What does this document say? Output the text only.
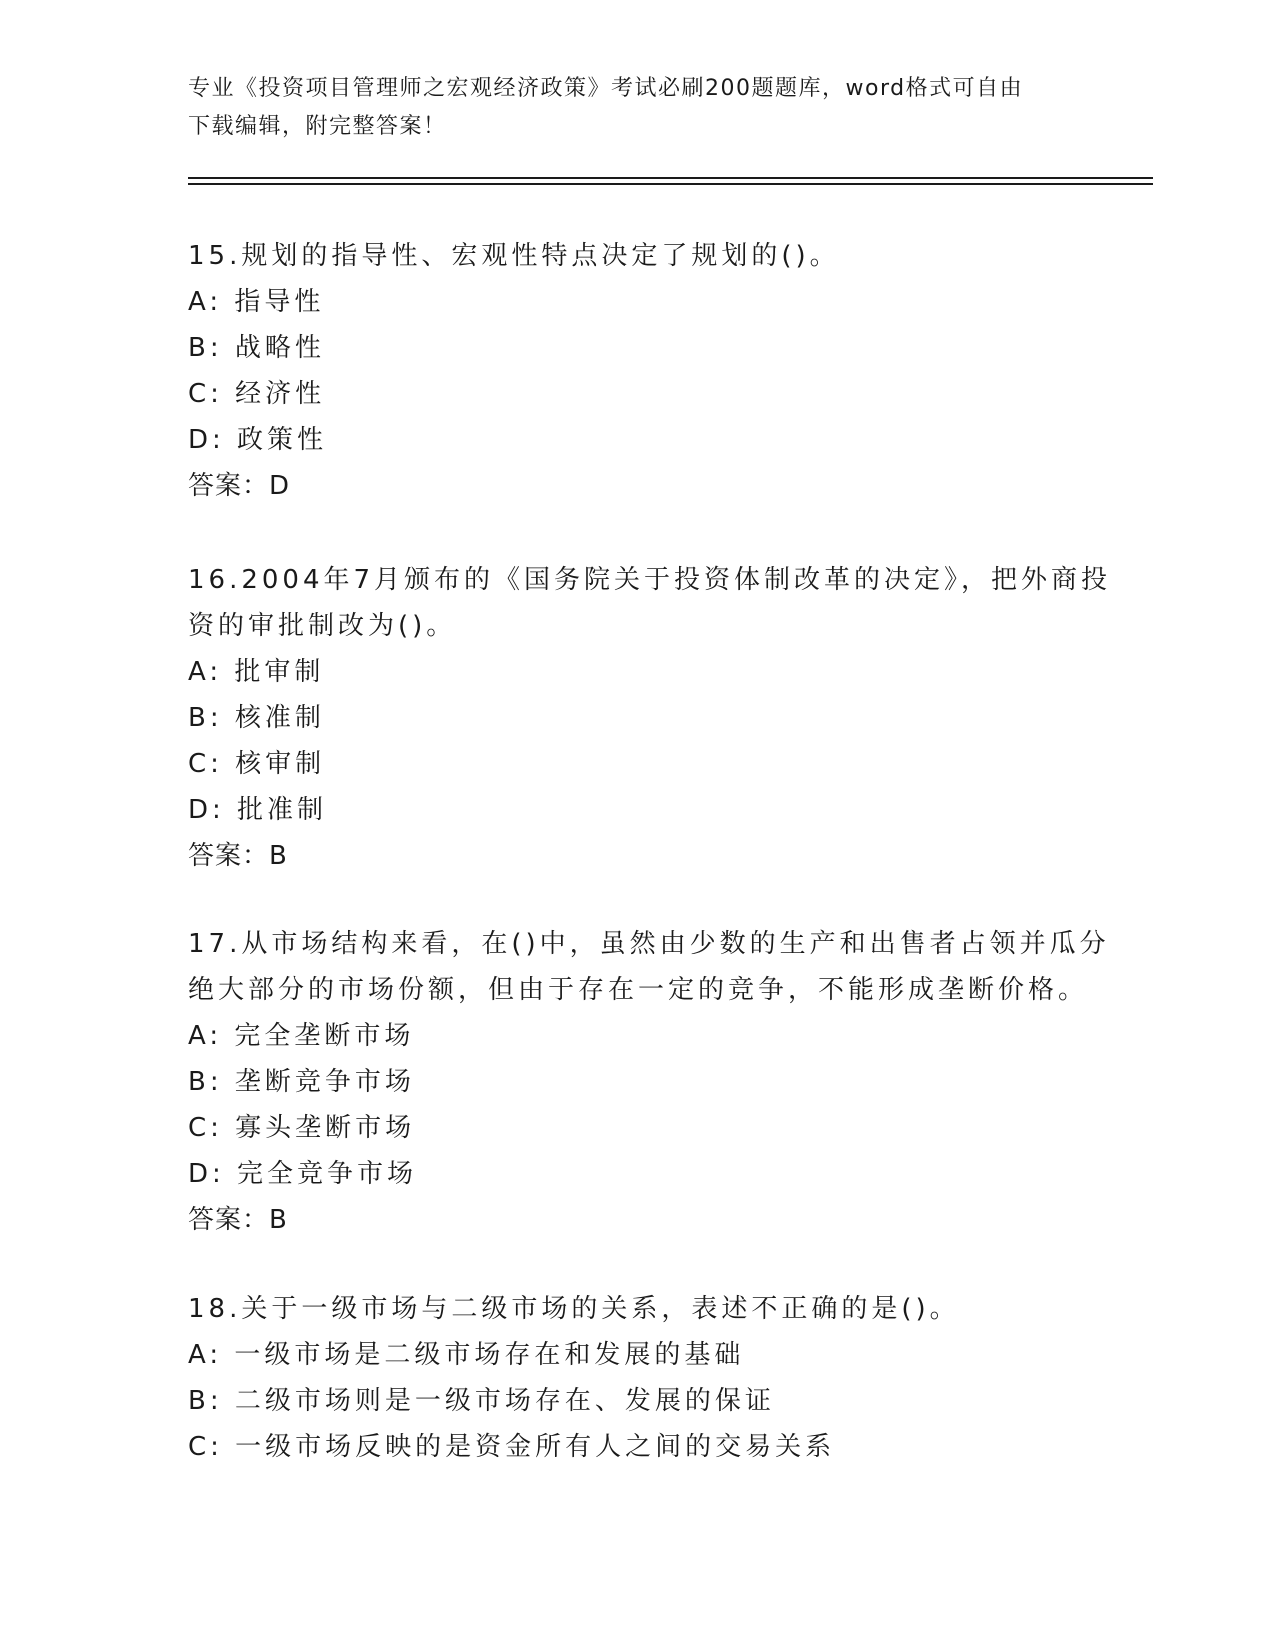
专业《投资项目管理师之宏观经济政策》考试必刷200题题库，word格式可自由
下载编辑，附完整答案！
15.规划的指导性、宏观性特点决定了规划的()。
A: 指导性
B: 战略性
C: 经济性
D: 政策性
答案：D
16.2004年7月颁布的《国务院关于投资体制改革的决定》，把外商投
资的审批制改为()。
A: 批审制
B: 核准制
C: 核审制
D: 批准制
答案：B
17.从市场结构来看，在()中，虽然由少数的生产和出售者占领并瓜分
绝大部分的市场份额，但由于存在一定的竞争，不能形成垄断价格。
A: 完全垄断市场
B: 垄断竞争市场
C: 寡头垄断市场
D: 完全竞争市场
答案：B
18.关于一级市场与二级市场的关系，表述不正确的是()。
A: 一级市场是二级市场存在和发展的基础
B: 二级市场则是一级市场存在、发展的保证
C: 一级市场反映的是资金所有人之间的交易关系
